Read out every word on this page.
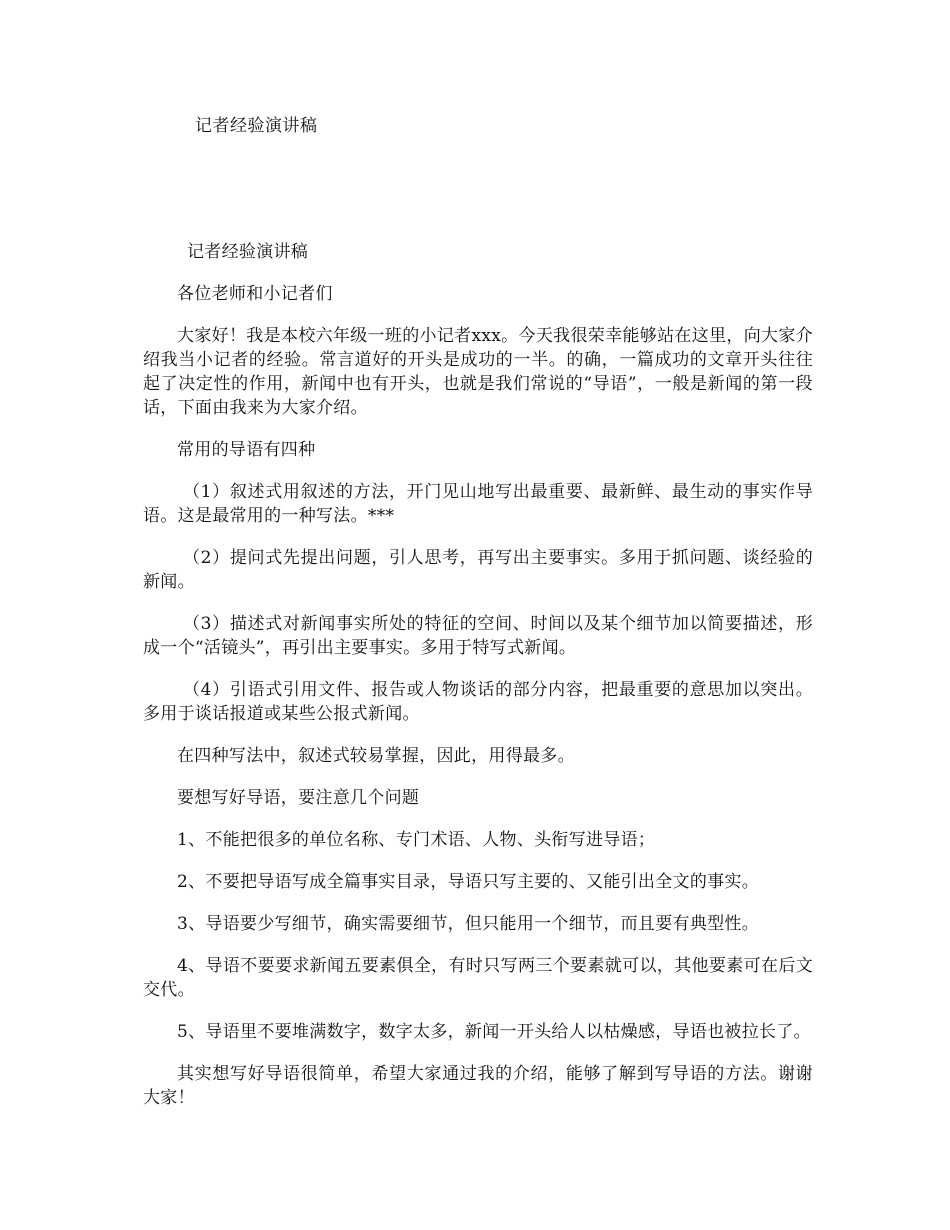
记者经验演讲稿

记者经验演讲稿

各位老师和小记者们

大家好！我是本校六年级一班的小记者xxx。今天我很荣幸能够站在这里，向大家介绍我当小记者的经验。常言道好的开头是成功的一半。的确，一篇成功的文章开头往往起了决定性的作用，新闻中也有开头，也就是我们常说的“导语”，一般是新闻的第一段话，下面由我来为大家介绍。

常用的导语有四种

（1）叙述式用叙述的方法，开门见山地写出最重要、最新鲜、最生动的事实作导语。这是最常用的一种写法。***

（2）提问式先提出问题，引人思考，再写出主要事实。多用于抓问题、谈经验的新闻。

（3）描述式对新闻事实所处的特征的空间、时间以及某个细节加以简要描述，形成一个“活镜头”，再引出主要事实。多用于特写式新闻。

（4）引语式引用文件、报告或人物谈话的部分内容，把最重要的意思加以突出。多用于谈话报道或某些公报式新闻。

在四种写法中，叙述式较易掌握，因此，用得最多。

要想写好导语，要注意几个问题

1、不能把很多的单位名称、专门术语、人物、头衔写进导语；

2、不要把导语写成全篇事实目录，导语只写主要的、又能引出全文的事实。

3、导语要少写细节，确实需要细节，但只能用一个细节，而且要有典型性。

4、导语不要要求新闻五要素俱全，有时只写两三个要素就可以，其他要素可在后文交代。

5、导语里不要堆满数字，数字太多，新闻一开头给人以枯燥感，导语也被拉长了。

其实想写好导语很简单，希望大家通过我的介绍，能够了解到写导语的方法。谢谢大家！
